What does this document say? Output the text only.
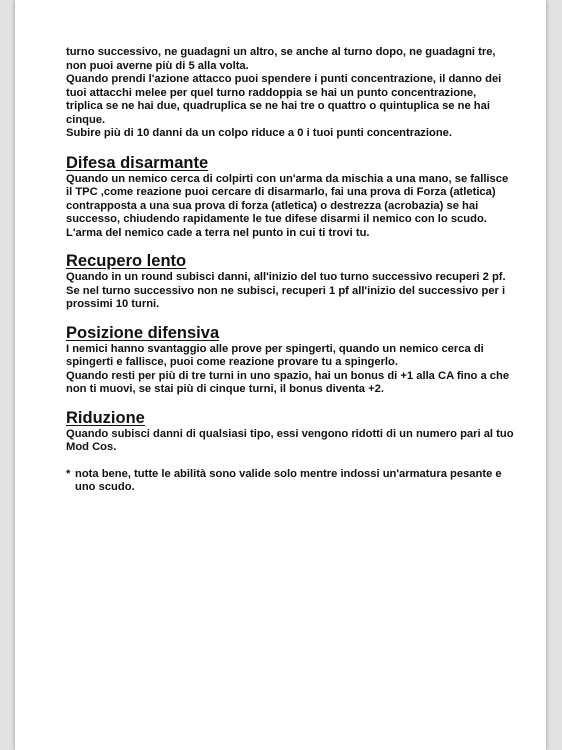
turno successivo, ne guadagni un altro, se anche al turno dopo, ne guadagni tre, non puoi averne più di 5 alla volta.

Quando prendi l'azione attacco puoi spendere i punti concentrazione, il danno dei tuoi attacchi melee per quel turno raddoppia se hai un punto concentrazione, triplica se ne hai due, quadruplica se ne hai tre o quattro o quintuplica se ne hai cinque.

Subire più di 10 danni da un colpo riduce a 0 i tuoi punti concentrazione.

Difesa disarmante

Quando un nemico cerca di colpirti con un'arma da mischia a una mano, se fallisce il TPC ,come reazione puoi cercare di disarmarlo, fai una prova di Forza (atletica) contrapposta a una sua prova di forza (atletica) o destrezza (acrobazia) se hai successo, chiudendo rapidamente le tue difese disarmi il nemico con lo scudo. L'arma del nemico cade a terra nel punto in cui ti trovi tu.

Recupero lento

Quando in un round subisci danni, all'inizio del tuo turno successivo recuperi 2 pf. Se nel turno successivo non ne subisci, recuperi 1 pf all'inizio del successivo per i prossimi 10 turni.

Posizione difensiva

I nemici hanno svantaggio alle prove per spingerti, quando un nemico cerca di spingerti e fallisce, puoi come reazione provare tu a spingerlo.

Quando resti per più di tre turni in uno spazio, hai un bonus di +1 alla CA fino a che non ti muovi, se stai più di cinque turni, il bonus diventa +2.

Riduzione

Quando subisci danni di qualsiasi tipo, essi vengono ridotti di un numero pari al tuo Mod Cos.

* nota bene, tutte le abilità sono valide solo mentre indossi un'armatura pesante e uno scudo.
